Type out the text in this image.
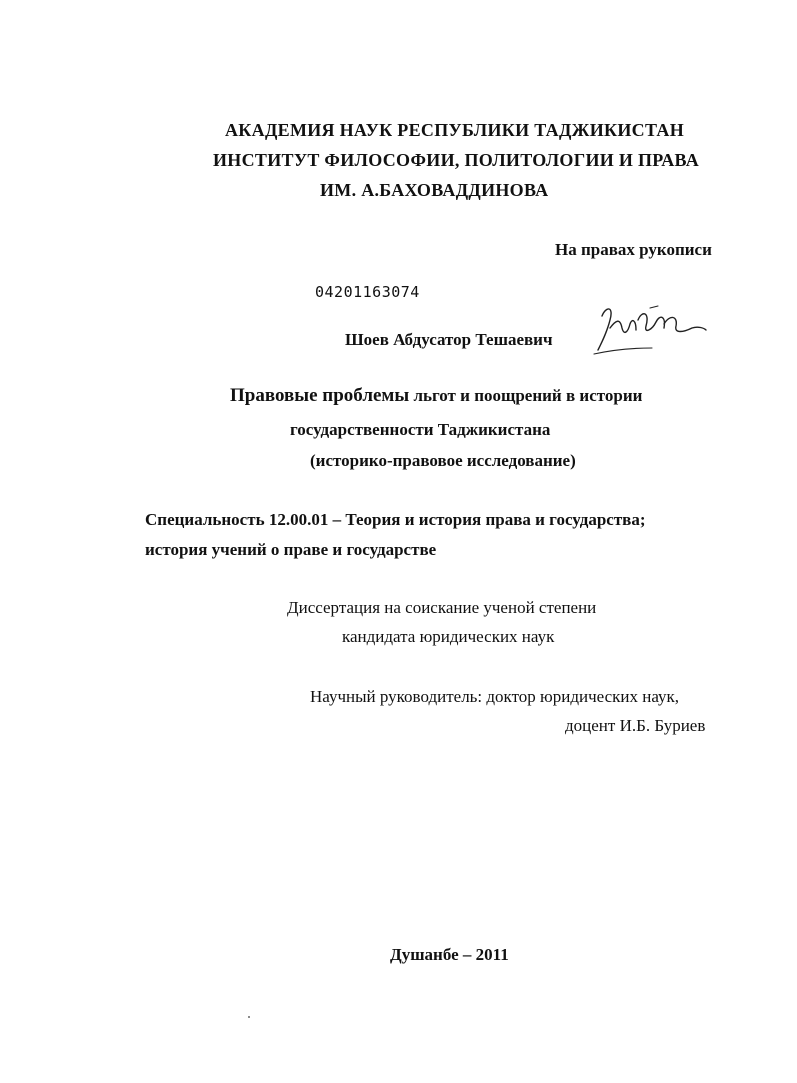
АКАДЕМИЯ НАУК РЕСПУБЛИКИ ТАДЖИКИСТАН
ИНСТИТУТ ФИЛОСОФИИ, ПОЛИТОЛОГИИ И ПРАВА
ИМ. А.БАХОВАДДИНОВА
На правах рукописи
04201163074
Шоев Абдусатор Тешаевич
Правовые проблемы льгот и поощрений в истории
государственности Таджикистана
(историко-правовое исследование)
Специальность 12.00.01 – Теория и история права и государства;
история учений о праве и государстве
Диссертация на соискание ученой степени
кандидата юридических наук
Научный руководитель: доктор юридических наук,
доцент И.Б. Буриев
Душанбе – 2011
